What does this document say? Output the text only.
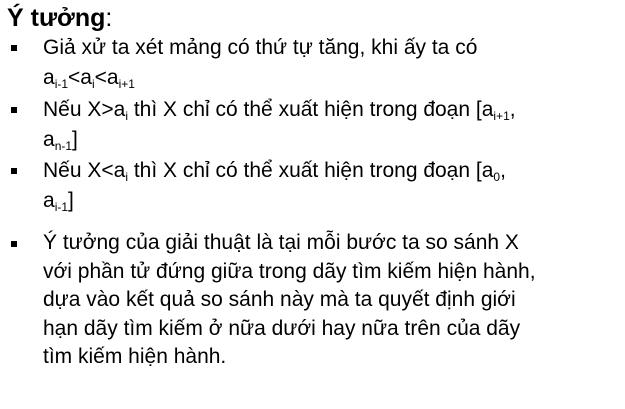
Ý tưởng:
Giả xử ta xét mảng có thứ tự tăng, khi ấy ta có
$a_{i-1}<a_i<a_{i+1}$
Nếu $X>a_i$ thì X chỉ có thể xuất hiện trong đoạn [$a_{i+1}$,
$a_{n-1}$]
Nếu $X<a_i$ thì X chỉ có thể xuất hiện trong đoạn [$a_0$,
$a_{i-1}$]
Ý tưởng của giải thuật là tại mỗi bước ta so sánh X
với phần tử đứng giữa trong dãy tìm kiếm hiện hành,
dựa vào kết quả so sánh này mà ta quyết định giới
hạn dãy tìm kiếm ở nữa dưới hay nữa trên của dãy
tìm kiếm hiện hành.
